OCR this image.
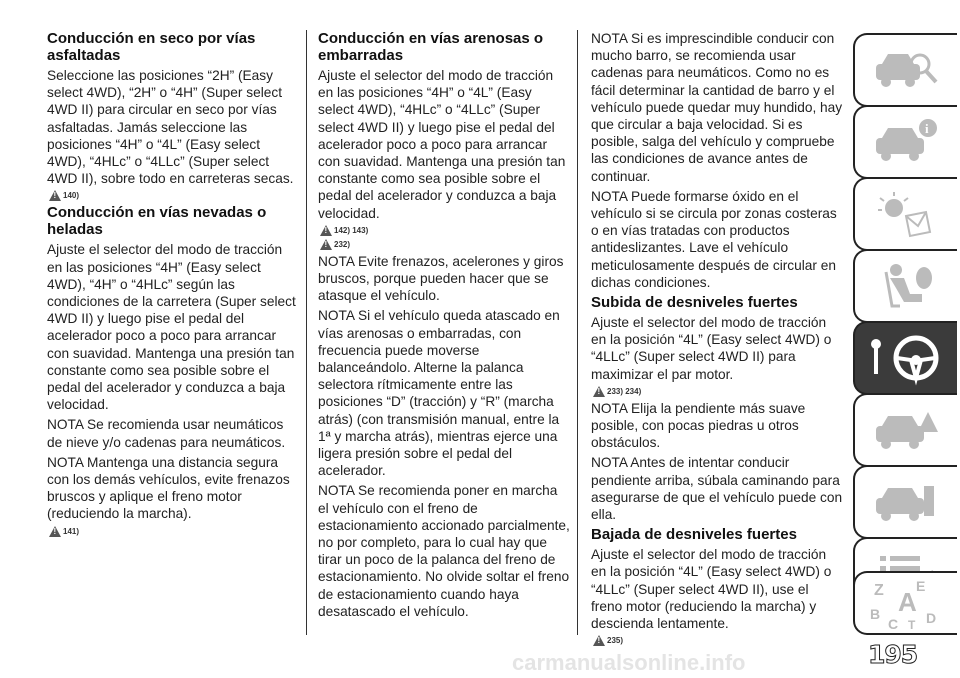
Conducción en seco por vías asfaltadas

Seleccione las posiciones “2H” (Easy select 4WD), “2H” o “4H” (Super select 4WD II) para circular en seco por vías asfaltadas. Jamás seleccione las posiciones “4H” o “4L” (Easy select 4WD), “4HLc” o “4LLc” (Super select 4WD II), sobre todo en carreteras secas.

!
140)
Conducción en vías nevadas o heladas

Ajuste el selector del modo de tracción en las posiciones “4H” (Easy select 4WD), “4H” o “4HLc” según las condiciones de la carretera (Super select 4WD II) y luego pise el pedal del acelerador poco a poco para arrancar con suavidad. Mantenga una presión tan constante como sea posible sobre el pedal del acelerador y conduzca a baja velocidad.

NOTA Se recomienda usar neumáticos de nieve y/o cadenas para neumáticos.

NOTA Mantenga una distancia segura con los demás vehículos, evite frenazos bruscos y aplique el freno motor (reduciendo la marcha).

!
141)
Conducción en vías arenosas o embarradas

Ajuste el selector del modo de tracción en las posiciones “4H” o “4L” (Easy select 4WD), “4HLc” o “4LLc” (Super select 4WD II) y luego pise el pedal del acelerador poco a poco para arrancar con suavidad. Mantenga una presión tan constante como sea posible sobre el pedal del acelerador y conduzca a baja velocidad.

!
142) 143)
!
232)

NOTA Evite frenazos, acelerones y giros bruscos, porque pueden hacer que se atasque el vehículo.

NOTA Si el vehículo queda atascado en vías arenosas o embarradas, con frecuencia puede moverse balanceándolo. Alterne la palanca selectora rítmicamente entre las posiciones “D” (tracción) y “R” (marcha atrás) (con transmisión manual, entre la 1ª y marcha atrás), mientras ejerce una ligera presión sobre el pedal del acelerador.

NOTA Se recomienda poner en marcha el vehículo con el freno de estacionamiento accionado parcialmente, no por completo, para lo cual hay que tirar un poco de la palanca del freno de estacionamiento. No olvide soltar el freno de estacionamiento cuando haya desatascado el vehículo.

NOTA Si es imprescindible conducir con mucho barro, se recomienda usar cadenas para neumáticos. Como no es fácil determinar la cantidad de barro y el vehículo puede quedar muy hundido, hay que circular a baja velocidad. Si es posible, salga del vehículo y compruebe las condiciones de avance antes de continuar.

NOTA Puede formarse óxido en el vehículo si se circula por zonas costeras o en vías tratadas con productos antideslizantes. Lave el vehículo meticulosamente después de circular en dichas condiciones.

Subida de desniveles fuertes

Ajuste el selector del modo de tracción en la posición “4L” (Easy select 4WD) o “4LLc” (Super select 4WD II) para maximizar el par motor.

!
233) 234)

NOTA Elija la pendiente más suave posible, con pocas piedras u otros obstáculos.

NOTA Antes de intentar conducir pendiente arriba, súbala caminando para asegurarse de que el vehículo puede con ella.

Bajada de desniveles fuertes

Ajuste el selector del modo de tracción en la posición “4L” (Easy select 4WD) o “4LLc” (Super select 4WD II), use el freno motor (reduciendo la marcha) y descienda lentamente.

!
235)
i
Z E
B A
C T D
195
carmanualsonline.info
